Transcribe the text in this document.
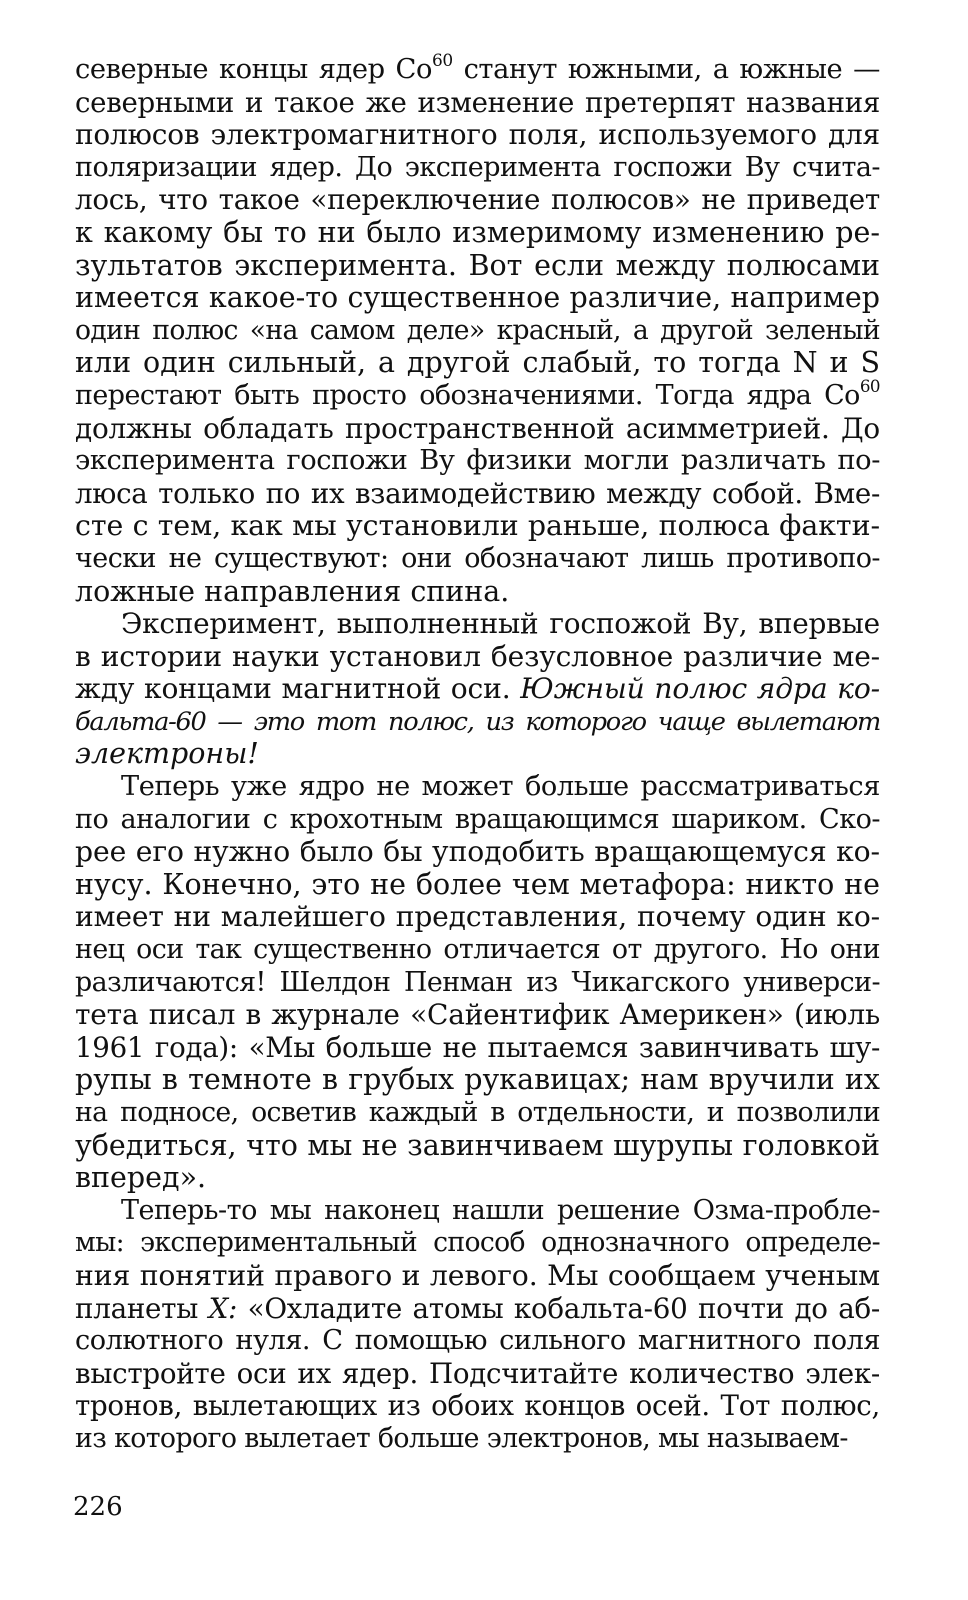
северные концы ядер Co$^{60}$ станут южными, а южные —
северными и такое же изменение претерпят названия
полюсов электромагнитного поля, используемого для
поляризации ядер. До эксперимента госпожи Ву счита-
лось, что такое «переключение полюсов» не приведет
к какому бы то ни было измеримому изменению ре-
зультатов эксперимента. Вот если между полюсами
имеется какое-то существенное различие, например
один полюс «на самом деле» красный, а другой зеленый
или один сильный, а другой слабый, то тогда N и S
перестают быть просто обозначениями. Тогда ядра Co$^{60}$
должны обладать пространственной асимметрией. До
эксперимента госпожи Ву физики могли различать по-
люса только по их взаимодействию между собой. Вме-
сте с тем, как мы установили раньше, полюса факти-
чески не существуют: они обозначают лишь противопо-
ложные направления спина.
Эксперимент, выполненный госпожой Ву, впервые
в истории науки установил безусловное различие ме-
жду концами магнитной оси. Южный полюс ядра ко-
бальта-60 — это тот полюс, из которого чаще вылетают
электроны!
Теперь уже ядро не может больше рассматриваться
по аналогии с крохотным вращающимся шариком. Ско-
рее его нужно было бы уподобить вращающемуся ко-
нусу. Конечно, это не более чем метафора: никто не
имеет ни малейшего представления, почему один ко-
нец оси так существенно отличается от другого. Но они
различаются! Шелдон Пенман из Чикагского универси-
тета писал в журнале «Сайентифик Америкен» (июль
1961 года): «Мы больше не пытаемся завинчивать шу-
рупы в темноте в грубых рукавицах; нам вручили их
на подносе, осветив каждый в отдельности, и позволили
убедиться, что мы не завинчиваем шурупы головкой
вперед».
Теперь-то мы наконец нашли решение Озма-пробле-
мы: экспериментальный способ однозначного определе-
ния понятий правого и левого. Мы сообщаем ученым
планеты X: «Охладите атомы кобальта-60 почти до аб-
солютного нуля. С помощью сильного магнитного поля
выстройте оси их ядер. Подсчитайте количество элек-
тронов, вылетающих из обоих концов осей. Тот полюс,
из которого вылетает больше электронов, мы называем-
226
